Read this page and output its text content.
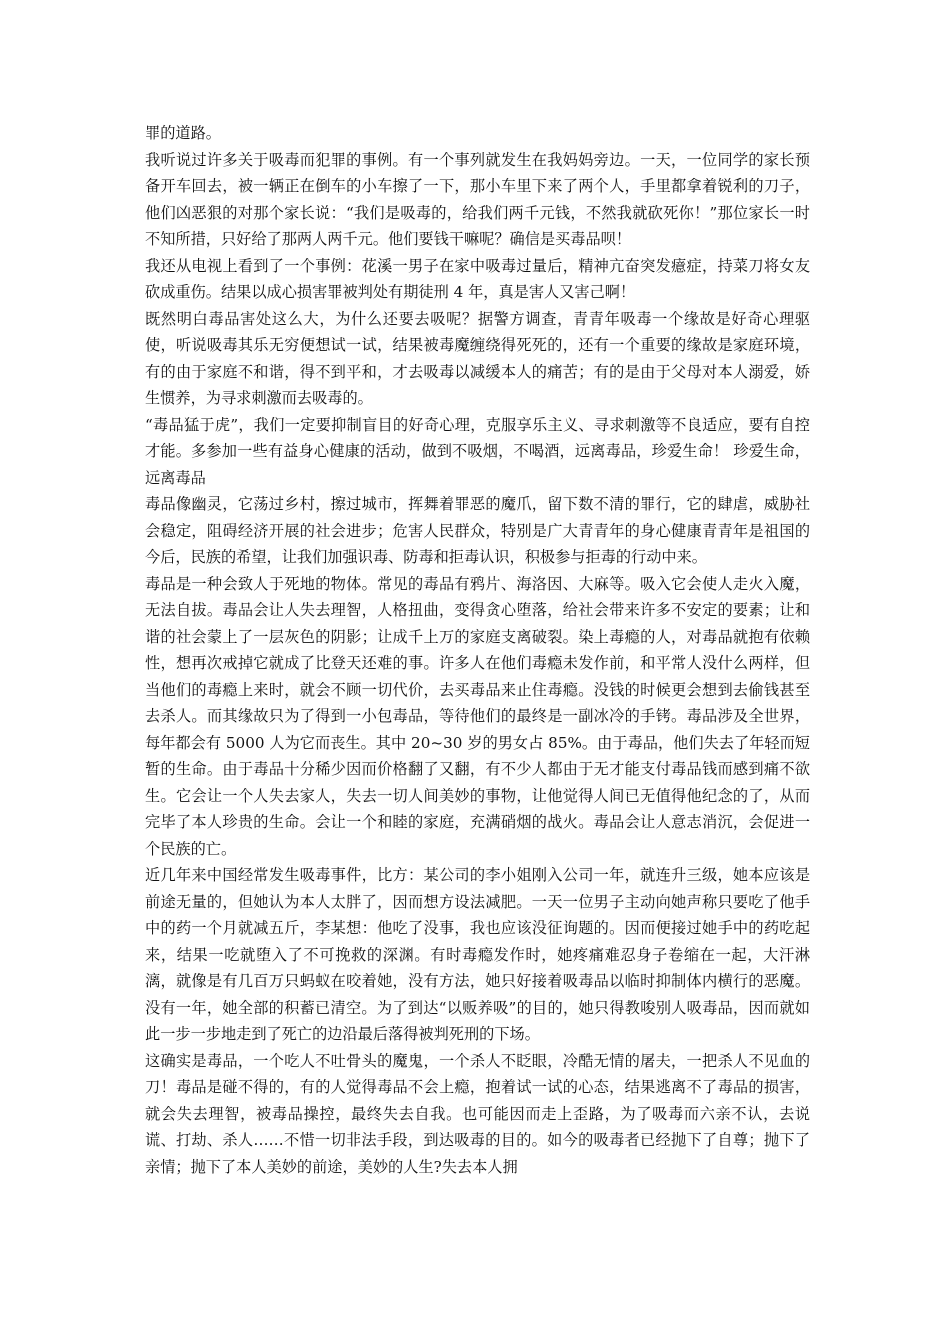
罪的道路。

我听说过许多关于吸毒而犯罪的事例。有一个事列就发生在我妈妈旁边。一天，一位同学的家长预备开车回去，被一辆正在倒车的小车擦了一下，那小车里下来了两个人，手里都拿着锐利的刀子，他们凶恶狠的对那个家长说：“我们是吸毒的，给我们两千元钱，不然我就砍死你！”那位家长一时不知所措，只好给了那两人两千元。他们要钱干嘛呢？确信是买毒品呗！

我还从电视上看到了一个事例：花溪一男子在家中吸毒过量后，精神亢奋突发癔症，持菜刀将女友砍成重伤。结果以成心损害罪被判处有期徒刑 4 年，真是害人又害己啊！

既然明白毒品害处这么大，为什么还要去吸呢？据警方调查，青青年吸毒一个缘故是好奇心理驱使，听说吸毒其乐无穷便想试一试，结果被毒魔缠绕得死死的，还有一个重要的缘故是家庭环境，有的由于家庭不和谐，得不到平和，才去吸毒以减缓本人的痛苦；有的是由于父母对本人溺爱，娇生惯养，为寻求刺激而去吸毒的。

“毒品猛于虎”，我们一定要抑制盲目的好奇心理，克服享乐主义、寻求刺激等不良适应，要有自控才能。多参加一些有益身心健康的活动，做到不吸烟，不喝酒，远离毒品，珍爱生命！ 珍爱生命，远离毒品

毒品像幽灵，它荡过乡村，擦过城市，挥舞着罪恶的魔爪，留下数不清的罪行，它的肆虐，威胁社会稳定，阻碍经济开展的社会进步；危害人民群众，特别是广大青青年的身心健康青青年是祖国的今后，民族的希望，让我们加强识毒、防毒和拒毒认识，积极参与拒毒的行动中来。

毒品是一种会致人于死地的物体。常见的毒品有鸦片、海洛因、大麻等。吸入它会使人走火入魔，无法自拔。毒品会让人失去理智，人格扭曲，变得贪心堕落，给社会带来许多不安定的要素；让和谐的社会蒙上了一层灰色的阴影；让成千上万的家庭支离破裂。染上毒瘾的人，对毒品就抱有依赖性，想再次戒掉它就成了比登天还难的事。许多人在他们毒瘾未发作前，和平常人没什么两样，但当他们的毒瘾上来时，就会不顾一切代价，去买毒品来止住毒瘾。没钱的时候更会想到去偷钱甚至去杀人。而其缘故只为了得到一小包毒品，等待他们的最终是一副冰冷的手铐。毒品涉及全世界，每年都会有 5000 人为它而丧生。其中 20~30 岁的男女占 85%。由于毒品，他们失去了年轻而短暂的生命。由于毒品十分稀少因而价格翻了又翻，有不少人都由于无才能支付毒品钱而感到痛不欲生。它会让一个人失去家人，失去一切人间美妙的事物，让他觉得人间已无值得他纪念的了，从而完毕了本人珍贵的生命。会让一个和睦的家庭，充满硝烟的战火。毒品会让人意志消沉，会促进一个民族的亡。

近几年来中国经常发生吸毒事件，比方：某公司的李小姐刚入公司一年，就连升三级，她本应该是前途无量的，但她认为本人太胖了，因而想方设法减肥。一天一位男子主动向她声称只要吃了他手中的药一个月就减五斤，李某想：他吃了没事，我也应该没征询题的。因而便接过她手中的药吃起来，结果一吃就堕入了不可挽救的深渊。有时毒瘾发作时，她疼痛难忍身子卷缩在一起，大汗淋漓，就像是有几百万只蚂蚁在咬着她，没有方法，她只好接着吸毒品以临时抑制体内横行的恶魔。没有一年，她全部的积蓄已清空。为了到达“以贩养吸”的目的，她只得教唆别人吸毒品，因而就如此一步一步地走到了死亡的边沿最后落得被判死刑的下场。

这确实是毒品，一个吃人不吐骨头的魔鬼，一个杀人不眨眼，冷酷无情的屠夫，一把杀人不见血的刀！毒品是碰不得的，有的人觉得毒品不会上瘾，抱着试一试的心态，结果逃离不了毒品的损害，就会失去理智，被毒品操控，最终失去自我。也可能因而走上歪路，为了吸毒而六亲不认，去说谎、打劫、杀人……不惜一切非法手段，到达吸毒的目的。如今的吸毒者已经抛下了自尊；抛下了亲情；抛下了本人美妙的前途，美妙的人生?失去本人拥
